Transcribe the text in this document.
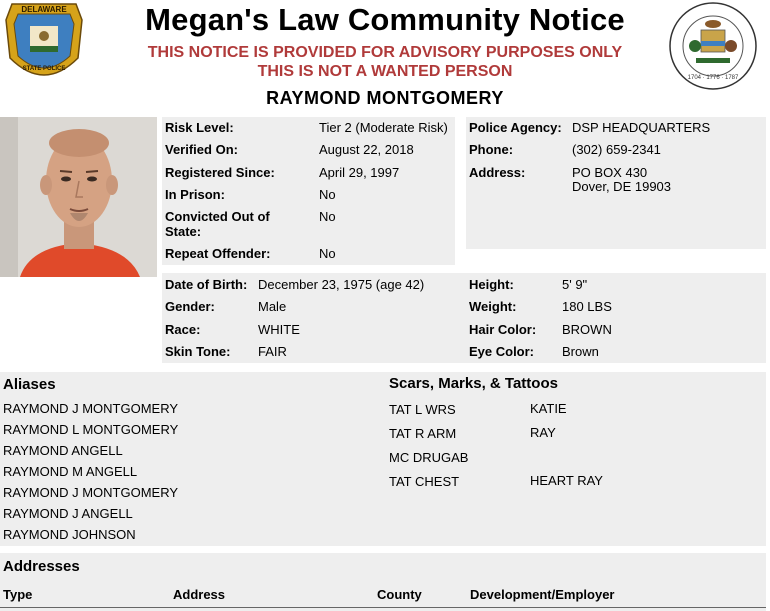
DELAWARE
STATE POLICE
1704 · 1776 · 1787
Megan's Law Community Notice
THIS NOTICE IS PROVIDED FOR ADVISORY PURPOSES ONLY
THIS IS NOT A WANTED PERSON
RAYMOND MONTGOMERY
Risk Level:	Tier 2 (Moderate Risk)
Verified On:	August 22, 2018
Registered Since:	April 29, 1997
In Prison:	No
Convicted Out of
State:
No
Repeat Offender:	No
Police Agency: DSP HEADQUARTERS
Phone:	(302) 659-2341
Address:	PO BOX 430
Dover, DE 19903
Date of Birth: December 23, 1975 (age 42)
Gender:	Male
Race:	WHITE
Skin Tone: FAIR
Height:	5' 9"
Weight:	180 LBS
Hair Color: BROWN
Eye Color: Brown
Aliases
RAYMOND J MONTGOMERY
RAYMOND L MONTGOMERY
RAYMOND ANGELL
RAYMOND M ANGELL
RAYMOND J MONTGOMERY
RAYMOND J ANGELL
RAYMOND JOHNSON
Scars, Marks, & Tattoos
TAT L WRS	KATIE
TAT R ARM	RAY
MC DRUGAB
TAT CHEST	HEART RAY
Addresses
Type	Address	County	Development/Employer
